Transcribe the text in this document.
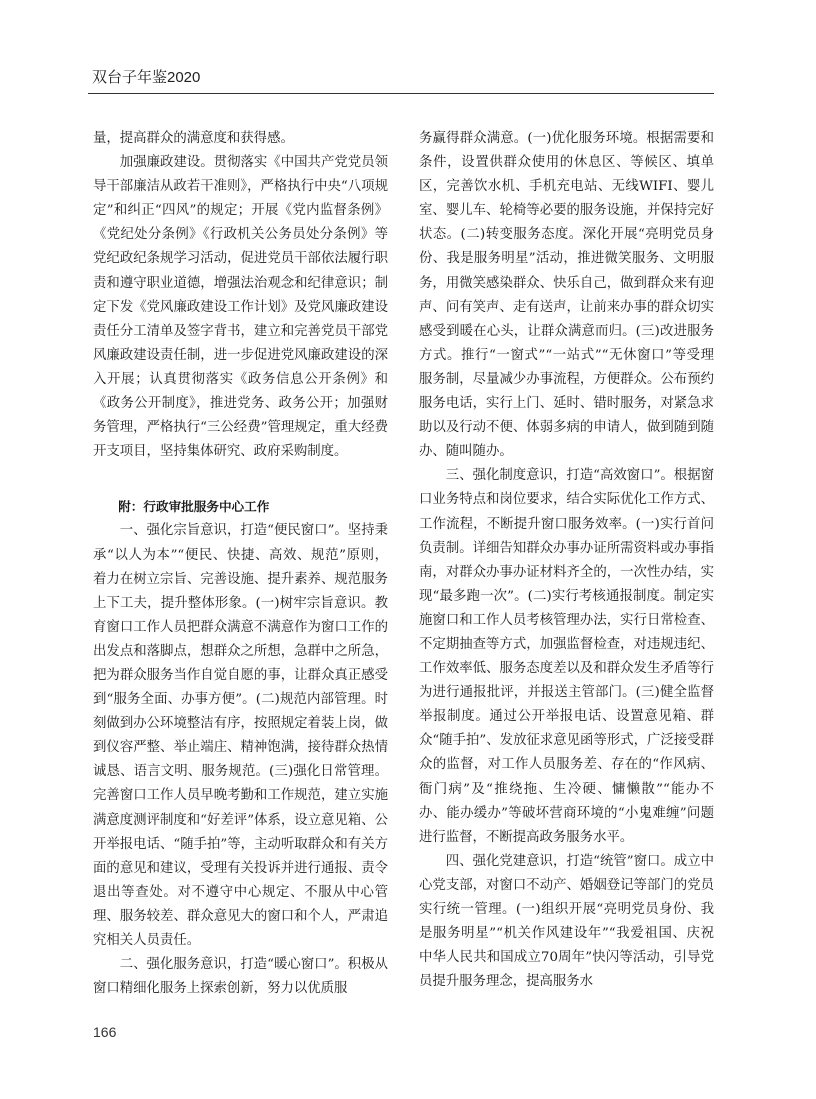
双台子年鉴2020

量，提高群众的满意度和获得感。

加强廉政建设。贯彻落实《中国共产党党员领导干部廉洁从政若干准则》，严格执行中央“八项规定”和纠正“四风”的规定；开展《党内监督条例》《党纪处分条例》《行政机关公务员处分条例》等党纪政纪条规学习活动，促进党员干部依法履行职责和遵守职业道德，增强法治观念和纪律意识；制定下发《党风廉政建设工作计划》及党风廉政建设责任分工清单及签字背书，建立和完善党员干部党风廉政建设责任制，进一步促进党风廉政建设的深入开展；认真贯彻落实《政务信息公开条例》和《政务公开制度》，推进党务、政务公开；加强财务管理，严格执行“三公经费”管理规定，重大经费开支项目，坚持集体研究、政府采购制度。

附：行政审批服务中心工作

一、强化宗旨意识，打造“便民窗口”。坚持秉承“以人为本”“便民、快捷、高效、规范”原则，着力在树立宗旨、完善设施、提升素养、规范服务上下工夫，提升整体形象。(一)树牢宗旨意识。教育窗口工作人员把群众满意不满意作为窗口工作的出发点和落脚点，想群众之所想，急群中之所急，把为群众服务当作自觉自愿的事，让群众真正感受到“服务全面、办事方便”。(二)规范内部管理。时刻做到办公环境整洁有序，按照规定着装上岗，做到仪容严整、举止端庄、精神饱满，接待群众热情诚恳、语言文明、服务规范。(三)强化日常管理。完善窗口工作人员早晚考勤和工作规范，建立实施满意度测评制度和“好差评”体系，设立意见箱、公开举报电话、“随手拍”等，主动听取群众和有关方面的意见和建议，受理有关投诉并进行通报、责令退出等查处。对不遵守中心规定、不服从中心管理、服务较差、群众意见大的窗口和个人，严肃追究相关人员责任。

二、强化服务意识，打造“暖心窗口”。积极从窗口精细化服务上探索创新，努力以优质服

务赢得群众满意。(一)优化服务环境。根据需要和条件，设置供群众使用的休息区、等候区、填单区，完善饮水机、手机充电站、无线WIFI、婴儿室、婴儿车、轮椅等必要的服务设施，并保持完好状态。(二)转变服务态度。深化开展“亮明党员身份、我是服务明星”活动，推进微笑服务、文明服务，用微笑感染群众、快乐自己，做到群众来有迎声、问有笑声、走有送声，让前来办事的群众切实感受到暖在心头，让群众满意而归。(三)改进服务方式。推行“一窗式”“一站式”“无休窗口”等受理服务制，尽量减少办事流程，方便群众。公布预约服务电话，实行上门、延时、错时服务，对紧急求助以及行动不便、体弱多病的申请人，做到随到随办、随叫随办。

三、强化制度意识，打造“高效窗口”。根据窗口业务特点和岗位要求，结合实际优化工作方式、工作流程，不断提升窗口服务效率。(一)实行首问负责制。详细告知群众办事办证所需资料或办事指南，对群众办事办证材料齐全的，一次性办结，实现“最多跑一次”。(二)实行考核通报制度。制定实施窗口和工作人员考核管理办法，实行日常检查、不定期抽查等方式，加强监督检查，对违规违纪、工作效率低、服务态度差以及和群众发生矛盾等行为进行通报批评，并报送主管部门。(三)健全监督举报制度。通过公开举报电话、设置意见箱、群众“随手拍”、发放征求意见函等形式，广泛接受群众的监督，对工作人员服务差、存在的“作风病、衙门病”及“推绕拖、生冷硬、慵懒散”“能办不办、能办缓办”等破坏营商环境的“小鬼难缠”问题进行监督，不断提高政务服务水平。

四、强化党建意识，打造“统管”窗口。成立中心党支部，对窗口不动产、婚姻登记等部门的党员实行统一管理。(一)组织开展“亮明党员身份、我是服务明星”“机关作风建设年”“我爱祖国、庆祝中华人民共和国成立70周年”快闪等活动，引导党员提升服务理念，提高服务水

166
